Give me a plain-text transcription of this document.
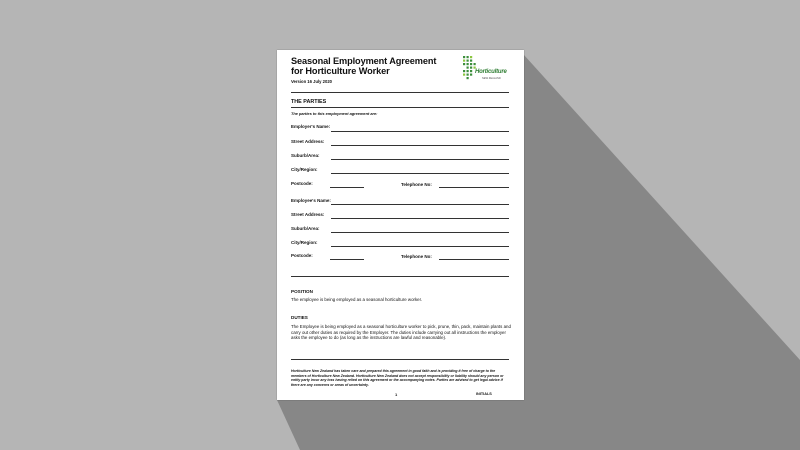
Seasonal Employment Agreement
for Horticulture Worker
Version 16 July 2020
Horticulture
NEW ZEALAND
THE PARTIES
The parties to this employment agreement are:
Employer's Name:
Street Address:
Suburb/Area:
City/Region:
Postcode:	Telephone No:
Employee's Name:
Street Address:
Suburb/Area:
City/Region:
Postcode:	Telephone No:
POSITION
The employee is being employed as a seasonal horticulture worker.
DUTIES
The Employee is being employed as a seasonal horticulture worker to pick, prune, thin, pack, maintain plants and carry out other duties as required by the Employer. The duties include carrying out all instructions the employer asks the employee to do (as long as the instructions are lawful and reasonable).
Horticulture New Zealand has taken care and prepared this agreement in good faith and is providing it free of charge to the members of Horticulture New Zealand. Horticulture New Zealand does not accept responsibility or liability should any person or entity party incur any loss having relied on this agreement or the accompanying notes. Parties are advised to get legal advice if there are any concerns or areas of uncertainty.
1	INITIALS
